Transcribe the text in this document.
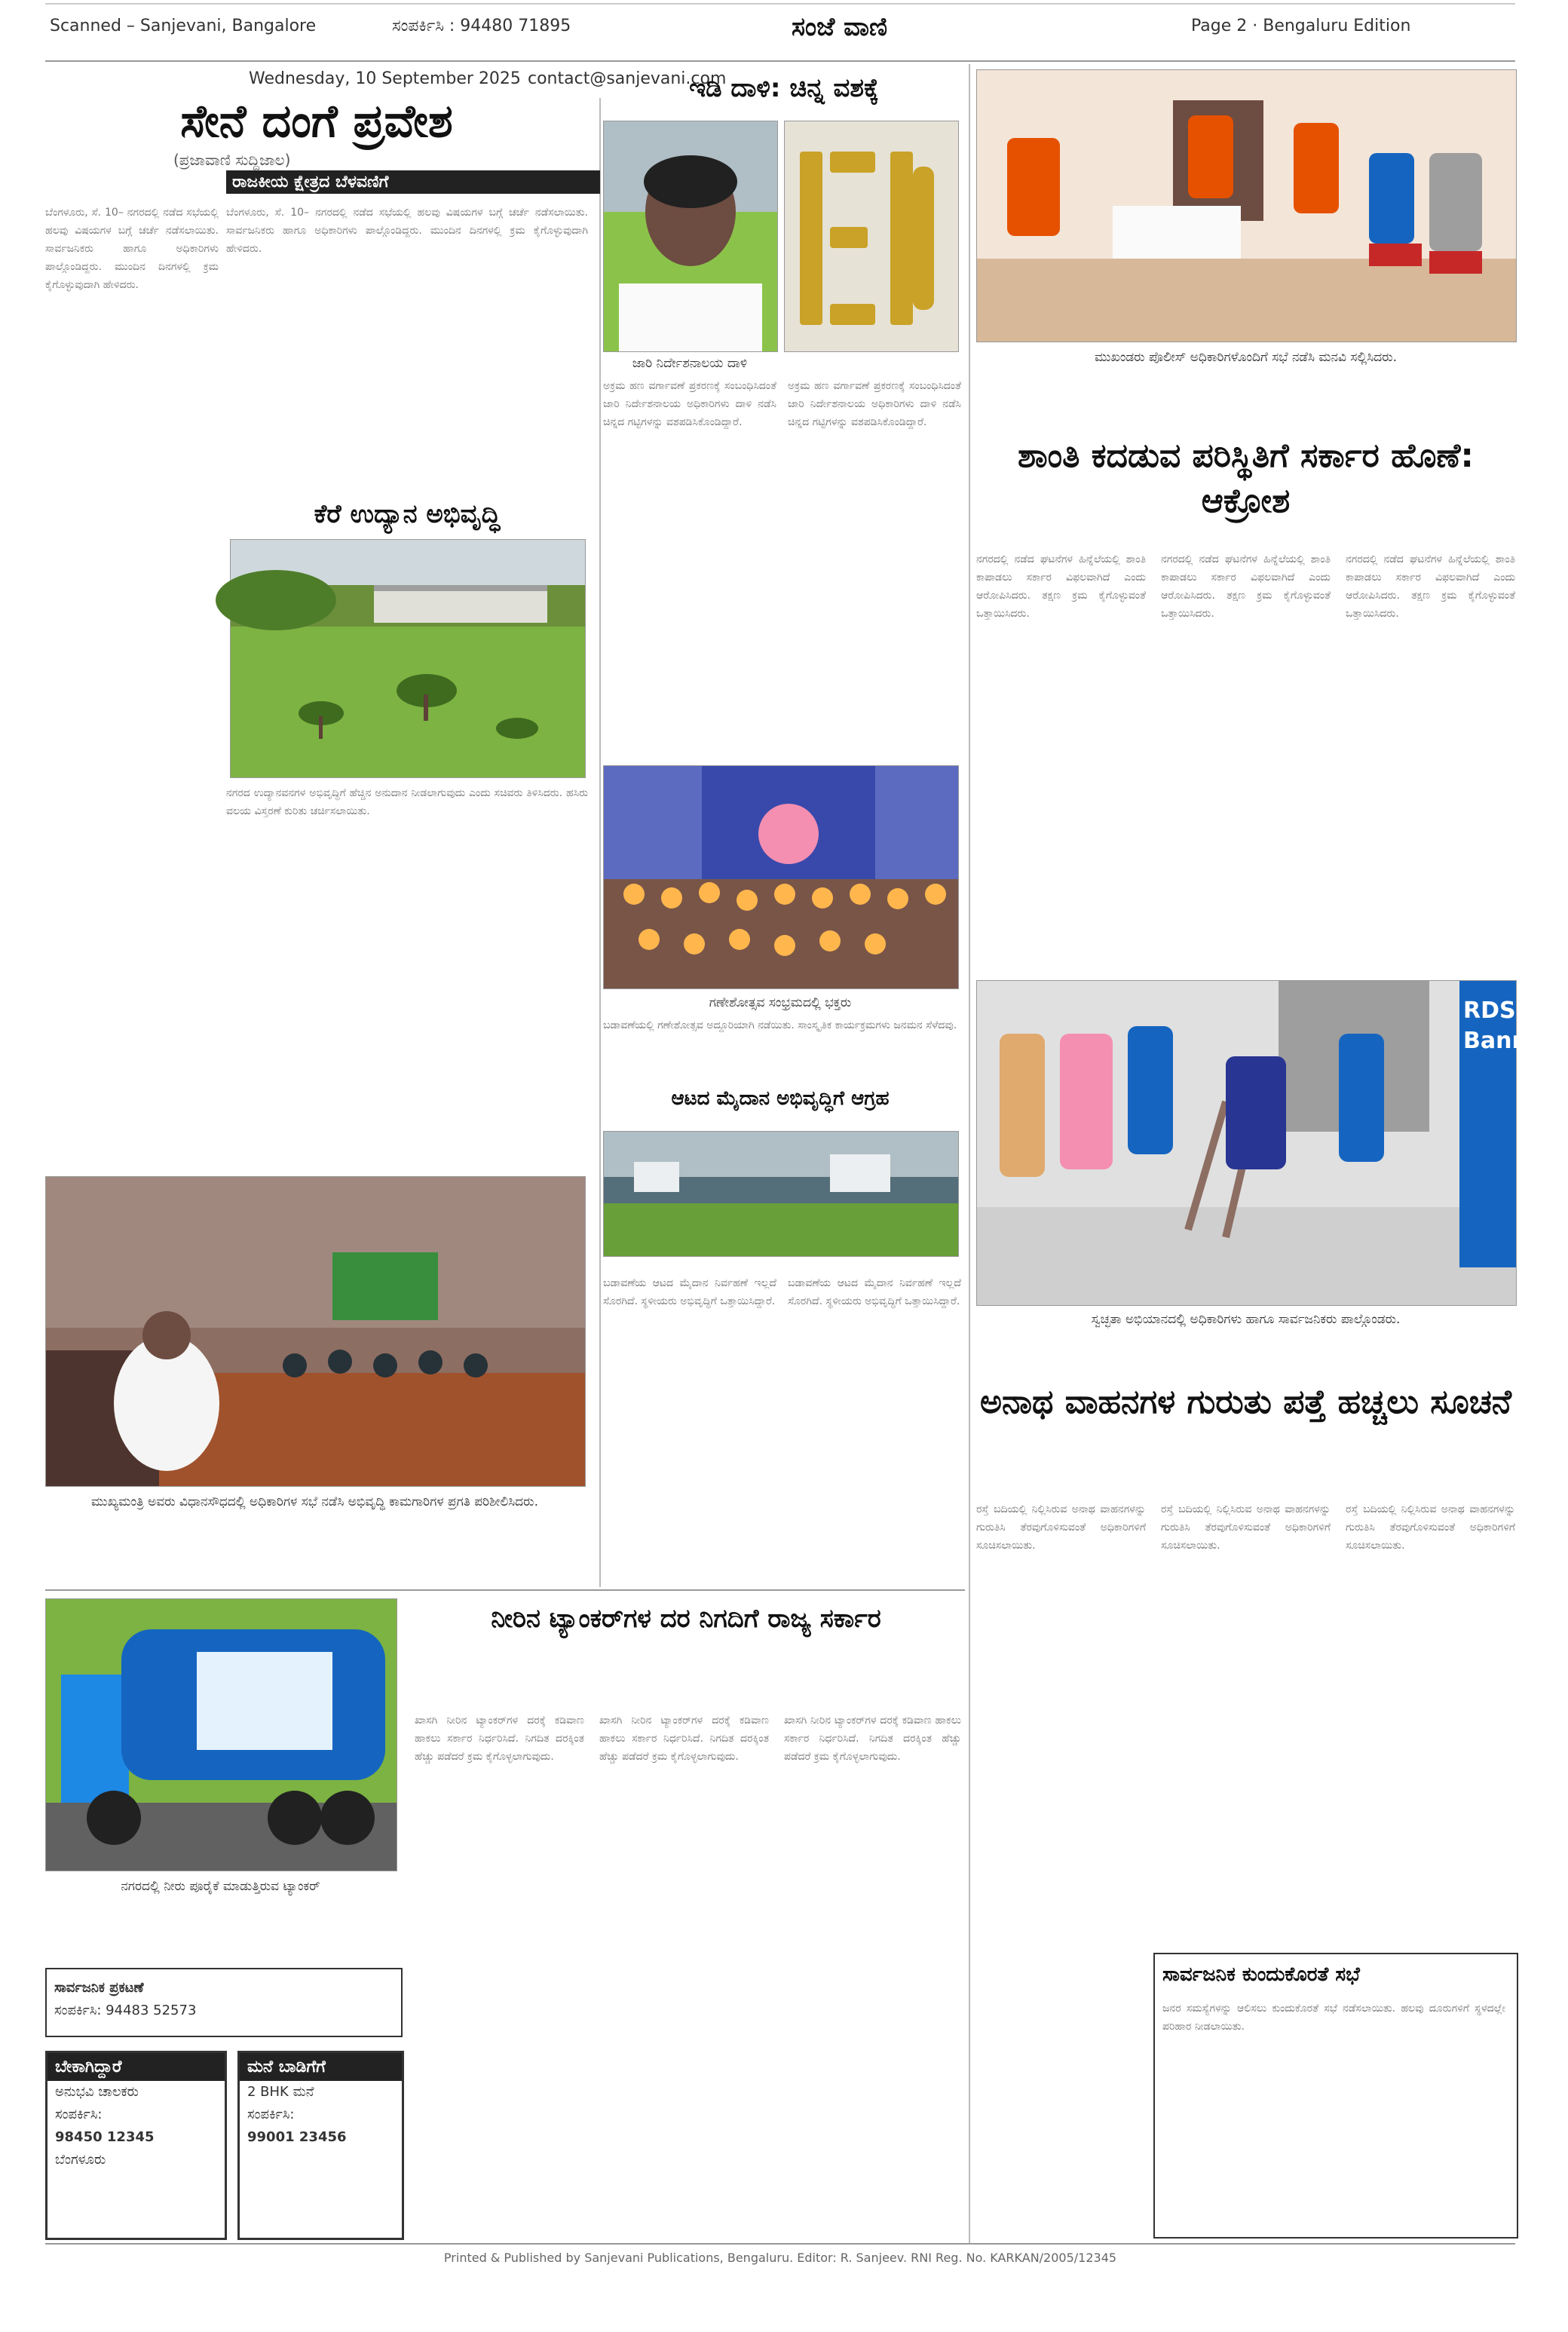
Scanned – Sanjevani, Bangalore	ಸಂಪರ್ಕಿಸಿ : 94480 71895	ಸಂಜೆ ವಾಣಿ	Page 2 · Bengaluru Edition
Wednesday, 10 September 2025 contact@sanjevani.com
ಸೇನೆ ದಂಗೆ ಪ್ರವೇಶ
(ಪ್ರಜಾವಾಣಿ ಸುದ್ದಿಜಾಲ)
ರಾಜಕೀಯ ಕ್ಷೇತ್ರದ ಬೆಳವಣಿಗೆ
ಬೆಂಗಳೂರು, ಸೆ. 10– ನಗರದಲ್ಲಿ ನಡೆದ ಸಭೆಯಲ್ಲಿ ಹಲವು ವಿಷಯಗಳ ಬಗ್ಗೆ ಚರ್ಚೆ ನಡೆಸಲಾಯಿತು. ಸಾರ್ವಜನಿಕರು ಹಾಗೂ ಅಧಿಕಾರಿಗಳು ಪಾಲ್ಗೊಂಡಿದ್ದರು. ಮುಂದಿನ ದಿನಗಳಲ್ಲಿ ಕ್ರಮ ಕೈಗೊಳ್ಳುವುದಾಗಿ ಹೇಳಿದರು.
ಬೆಂಗಳೂರು, ಸೆ. 10– ನಗರದಲ್ಲಿ ನಡೆದ ಸಭೆಯಲ್ಲಿ ಹಲವು ವಿಷಯಗಳ ಬಗ್ಗೆ ಚರ್ಚೆ ನಡೆಸಲಾಯಿತು. ಸಾರ್ವಜನಿಕರು ಹಾಗೂ ಅಧಿಕಾರಿಗಳು ಪಾಲ್ಗೊಂಡಿದ್ದರು. ಮುಂದಿನ ದಿನಗಳಲ್ಲಿ ಕ್ರಮ ಕೈಗೊಳ್ಳುವುದಾಗಿ ಹೇಳಿದರು.
ಕೆರೆ ಉದ್ಯಾನ ಅಭಿವೃದ್ಧಿ
ನಗರದ ಉದ್ಯಾನವನಗಳ ಅಭಿವೃದ್ಧಿಗೆ ಹೆಚ್ಚಿನ ಅನುದಾನ ನೀಡಲಾಗುವುದು ಎಂದು ಸಚಿವರು ತಿಳಿಸಿದರು. ಹಸಿರು ವಲಯ ವಿಸ್ತರಣೆ ಕುರಿತು ಚರ್ಚಿಸಲಾಯಿತು.
ಇಡಿ ದಾಳಿ: ಚಿನ್ನ ವಶಕ್ಕೆ
ಜಾರಿ ನಿರ್ದೇಶನಾಲಯ ದಾಳಿ
ಅಕ್ರಮ ಹಣ ವರ್ಗಾವಣೆ ಪ್ರಕರಣಕ್ಕೆ ಸಂಬಂಧಿಸಿದಂತೆ ಜಾರಿ ನಿರ್ದೇಶನಾಲಯ ಅಧಿಕಾರಿಗಳು ದಾಳಿ ನಡೆಸಿ ಚಿನ್ನದ ಗಟ್ಟಿಗಳನ್ನು ವಶಪಡಿಸಿಕೊಂಡಿದ್ದಾರೆ.
ಅಕ್ರಮ ಹಣ ವರ್ಗಾವಣೆ ಪ್ರಕರಣಕ್ಕೆ ಸಂಬಂಧಿಸಿದಂತೆ ಜಾರಿ ನಿರ್ದೇಶನಾಲಯ ಅಧಿಕಾರಿಗಳು ದಾಳಿ ನಡೆಸಿ ಚಿನ್ನದ ಗಟ್ಟಿಗಳನ್ನು ವಶಪಡಿಸಿಕೊಂಡಿದ್ದಾರೆ.
ಗಣೇಶೋತ್ಸವ ಸಂಭ್ರಮದಲ್ಲಿ ಭಕ್ತರು
ಬಡಾವಣೆಯಲ್ಲಿ ಗಣೇಶೋತ್ಸವ ಅದ್ದೂರಿಯಾಗಿ ನಡೆಯಿತು. ಸಾಂಸ್ಕೃತಿಕ ಕಾರ್ಯಕ್ರಮಗಳು ಜನಮನ ಸೆಳೆದವು.
ಆಟದ ಮೈದಾನ ಅಭಿವೃದ್ಧಿಗೆ ಆಗ್ರಹ
ಬಡಾವಣೆಯ ಆಟದ ಮೈದಾನ ನಿರ್ವಹಣೆ ಇಲ್ಲದೆ ಸೊರಗಿದೆ. ಸ್ಥಳೀಯರು ಅಭಿವೃದ್ಧಿಗೆ ಒತ್ತಾಯಿಸಿದ್ದಾರೆ.
ಬಡಾವಣೆಯ ಆಟದ ಮೈದಾನ ನಿರ್ವಹಣೆ ಇಲ್ಲದೆ ಸೊರಗಿದೆ. ಸ್ಥಳೀಯರು ಅಭಿವೃದ್ಧಿಗೆ ಒತ್ತಾಯಿಸಿದ್ದಾರೆ.
ಮುಖ್ಯಮಂತ್ರಿ ಅವರು ವಿಧಾನಸೌಧದಲ್ಲಿ ಅಧಿಕಾರಿಗಳ ಸಭೆ ನಡೆಸಿ ಅಭಿವೃದ್ಧಿ ಕಾಮಗಾರಿಗಳ ಪ್ರಗತಿ ಪರಿಶೀಲಿಸಿದರು.
ಮುಖಂಡರು ಪೊಲೀಸ್ ಅಧಿಕಾರಿಗಳೊಂದಿಗೆ ಸಭೆ ನಡೆಸಿ ಮನವಿ ಸಲ್ಲಿಸಿದರು.
ಶಾಂತಿ ಕದಡುವ ಪರಿಸ್ಥಿತಿಗೆ ಸರ್ಕಾರ ಹೊಣೆ: ಆಕ್ರೋಶ
ನಗರದಲ್ಲಿ ನಡೆದ ಘಟನೆಗಳ ಹಿನ್ನೆಲೆಯಲ್ಲಿ ಶಾಂತಿ ಕಾಪಾಡಲು ಸರ್ಕಾರ ವಿಫಲವಾಗಿದೆ ಎಂದು ಆರೋಪಿಸಿದರು. ತಕ್ಷಣ ಕ್ರಮ ಕೈಗೊಳ್ಳುವಂತೆ ಒತ್ತಾಯಿಸಿದರು.
ನಗರದಲ್ಲಿ ನಡೆದ ಘಟನೆಗಳ ಹಿನ್ನೆಲೆಯಲ್ಲಿ ಶಾಂತಿ ಕಾಪಾಡಲು ಸರ್ಕಾರ ವಿಫಲವಾಗಿದೆ ಎಂದು ಆರೋಪಿಸಿದರು. ತಕ್ಷಣ ಕ್ರಮ ಕೈಗೊಳ್ಳುವಂತೆ ಒತ್ತಾಯಿಸಿದರು.
ನಗರದಲ್ಲಿ ನಡೆದ ಘಟನೆಗಳ ಹಿನ್ನೆಲೆಯಲ್ಲಿ ಶಾಂತಿ ಕಾಪಾಡಲು ಸರ್ಕಾರ ವಿಫಲವಾಗಿದೆ ಎಂದು ಆರೋಪಿಸಿದರು. ತಕ್ಷಣ ಕ್ರಮ ಕೈಗೊಳ್ಳುವಂತೆ ಒತ್ತಾಯಿಸಿದರು.
RDS Banners
ಸ್ವಚ್ಛತಾ ಅಭಿಯಾನದಲ್ಲಿ ಅಧಿಕಾರಿಗಳು ಹಾಗೂ ಸಾರ್ವಜನಿಕರು ಪಾಲ್ಗೊಂಡರು.
ಅನಾಥ ವಾಹನಗಳ ಗುರುತು ಪತ್ತೆ ಹಚ್ಚಲು ಸೂಚನೆ
ರಸ್ತೆ ಬದಿಯಲ್ಲಿ ನಿಲ್ಲಿಸಿರುವ ಅನಾಥ ವಾಹನಗಳನ್ನು ಗುರುತಿಸಿ ತೆರವುಗೊಳಿಸುವಂತೆ ಅಧಿಕಾರಿಗಳಿಗೆ ಸೂಚಿಸಲಾಯಿತು.
ರಸ್ತೆ ಬದಿಯಲ್ಲಿ ನಿಲ್ಲಿಸಿರುವ ಅನಾಥ ವಾಹನಗಳನ್ನು ಗುರುತಿಸಿ ತೆರವುಗೊಳಿಸುವಂತೆ ಅಧಿಕಾರಿಗಳಿಗೆ ಸೂಚಿಸಲಾಯಿತು.
ರಸ್ತೆ ಬದಿಯಲ್ಲಿ ನಿಲ್ಲಿಸಿರುವ ಅನಾಥ ವಾಹನಗಳನ್ನು ಗುರುತಿಸಿ ತೆರವುಗೊಳಿಸುವಂತೆ ಅಧಿಕಾರಿಗಳಿಗೆ ಸೂಚಿಸಲಾಯಿತು.
ಸಾರ್ವಜನಿಕ ಕುಂದುಕೊರತೆ ಸಭೆ
ಜನರ ಸಮಸ್ಯೆಗಳನ್ನು ಆಲಿಸಲು ಕುಂದುಕೊರತೆ ಸಭೆ ನಡೆಸಲಾಯಿತು. ಹಲವು ದೂರುಗಳಿಗೆ ಸ್ಥಳದಲ್ಲೇ ಪರಿಹಾರ ನೀಡಲಾಯಿತು.
ನಗರದಲ್ಲಿ ನೀರು ಪೂರೈಕೆ ಮಾಡುತ್ತಿರುವ ಟ್ಯಾಂಕರ್
ನೀರಿನ ಟ್ಯಾಂಕರ್‌ಗಳ ದರ ನಿಗದಿಗೆ ರಾಜ್ಯ ಸರ್ಕಾರ
ಖಾಸಗಿ ನೀರಿನ ಟ್ಯಾಂಕರ್‌ಗಳ ದರಕ್ಕೆ ಕಡಿವಾಣ ಹಾಕಲು ಸರ್ಕಾರ ನಿರ್ಧರಿಸಿದೆ. ನಿಗದಿತ ದರಕ್ಕಿಂತ ಹೆಚ್ಚು ಪಡೆದರೆ ಕ್ರಮ ಕೈಗೊಳ್ಳಲಾಗುವುದು.
ಖಾಸಗಿ ನೀರಿನ ಟ್ಯಾಂಕರ್‌ಗಳ ದರಕ್ಕೆ ಕಡಿವಾಣ ಹಾಕಲು ಸರ್ಕಾರ ನಿರ್ಧರಿಸಿದೆ. ನಿಗದಿತ ದರಕ್ಕಿಂತ ಹೆಚ್ಚು ಪಡೆದರೆ ಕ್ರಮ ಕೈಗೊಳ್ಳಲಾಗುವುದು.
ಖಾಸಗಿ ನೀರಿನ ಟ್ಯಾಂಕರ್‌ಗಳ ದರಕ್ಕೆ ಕಡಿವಾಣ ಹಾಕಲು ಸರ್ಕಾರ ನಿರ್ಧರಿಸಿದೆ. ನಿಗದಿತ ದರಕ್ಕಿಂತ ಹೆಚ್ಚು ಪಡೆದರೆ ಕ್ರಮ ಕೈಗೊಳ್ಳಲಾಗುವುದು.
ಸಾರ್ವಜನಿಕ ಪ್ರಕಟಣೆ
ಸಂಪರ್ಕಿಸಿ: 94483 52573
ಬೇಕಾಗಿದ್ದಾರೆ
ಅನುಭವಿ ಚಾಲಕರು
ಸಂಪರ್ಕಿಸಿ:
98450 12345
ಬೆಂಗಳೂರು
ಮನೆ ಬಾಡಿಗೆಗೆ
2 BHK ಮನೆ
ಸಂಪರ್ಕಿಸಿ:
99001 23456
Printed & Published by Sanjevani Publications, Bengaluru. Editor: R. Sanjeev. RNI Reg. No. KARKAN/2005/12345
